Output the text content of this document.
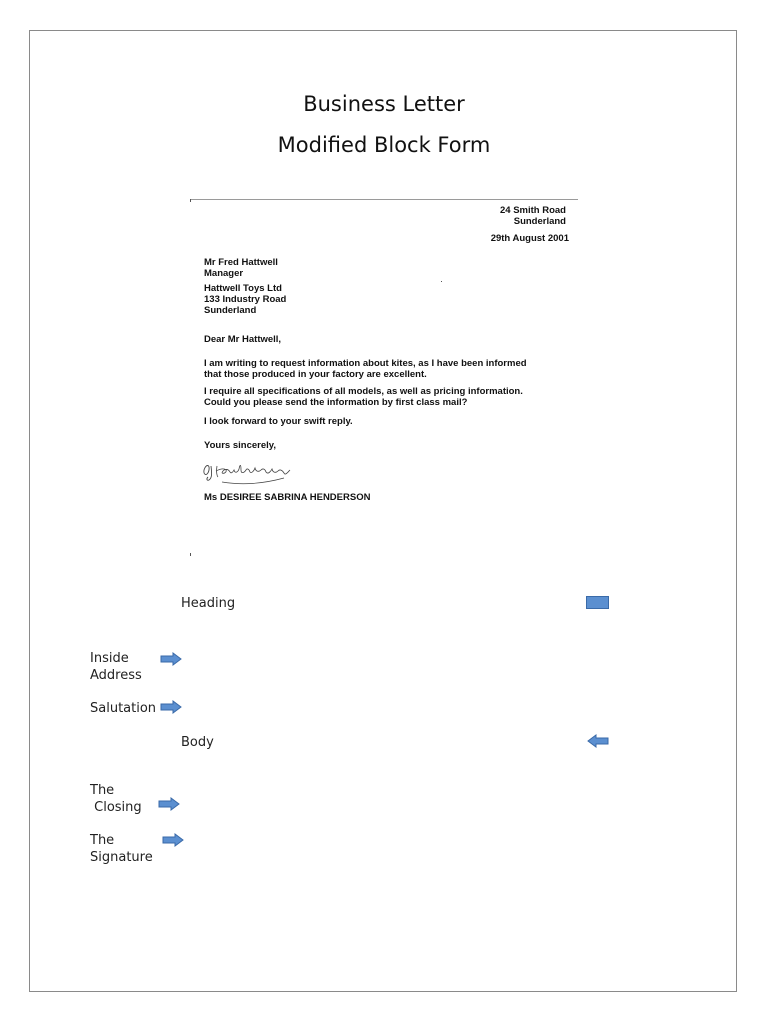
Business Letter
Modified Block Form
24 Smith Road
Sunderland
29th August 2001
Mr Fred Hattwell
Manager
Hattwell Toys Ltd
133 Industry Road
Sunderland
Dear Mr Hattwell,
I am writing to request information about kites, as I have been informed
that those produced in your factory are excellent.
I require all specifications of all models, as well as pricing information.
Could you please send the information by first class mail?
I look forward to your swift reply.
Yours sincerely,
Ms DESIREE SABRINA HENDERSON
Heading
Inside
Address
Salutation
Body
The
Closing
The
Signature
